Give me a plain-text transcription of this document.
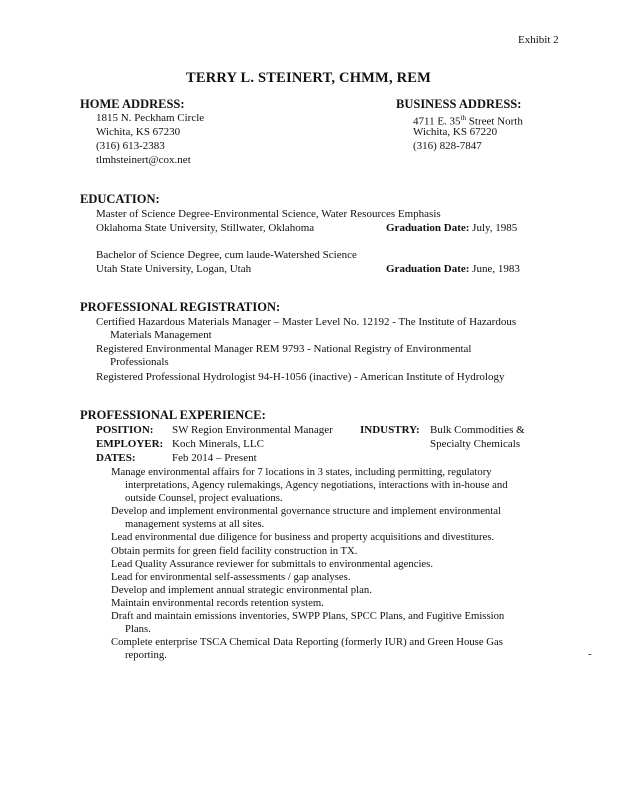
Exhibit 2
TERRY L. STEINERT, CHMM, REM
HOME ADDRESS:
1815 N. Peckham Circle
Wichita, KS 67230
(316) 613-2383
tlmhsteinert@cox.net
BUSINESS ADDRESS:
4711 E. 35th Street North
Wichita, KS 67220
(316) 828-7847
EDUCATION:
Master of Science Degree-Environmental Science, Water Resources Emphasis
Oklahoma State University, Stillwater, Oklahoma	Graduation Date: July, 1985
Bachelor of Science Degree, cum laude-Watershed Science
Utah State University, Logan, Utah	Graduation Date: June, 1983
PROFESSIONAL REGISTRATION:
Certified Hazardous Materials Manager – Master Level No. 12192 - The Institute of Hazardous Materials Management
Registered Environmental Manager REM 9793 - National Registry of Environmental Professionals
Registered Professional Hydrologist 94-H-1056 (inactive) - American Institute of Hydrology
PROFESSIONAL EXPERIENCE:
POSITION: SW Region Environmental Manager INDUSTRY: Bulk Commodities &
Specialty Chemicals
EMPLOYER: Koch Minerals, LLC
DATES:	Feb 2014 – Present

Manage environmental affairs for 7 locations in 3 states, including permitting, regulatory interpretations, Agency rulemakings, Agency negotiations, interactions with in-house and outside Counsel, project evaluations.

Develop and implement environmental governance structure and implement environmental management systems at all sites.

Lead environmental due diligence for business and property acquisitions and divestitures.

Obtain permits for green field facility construction in TX.

Lead Quality Assurance reviewer for submittals to environmental agencies.

Lead for environmental self-assessments / gap analyses.

Develop and implement annual strategic environmental plan.

Maintain environmental records retention system.

Draft and maintain emissions inventories, SWPP Plans, SPCC Plans, and Fugitive Emission Plans.

Complete enterprise TSCA Chemical Data Reporting (formerly IUR) and Green House Gas reporting.	-
